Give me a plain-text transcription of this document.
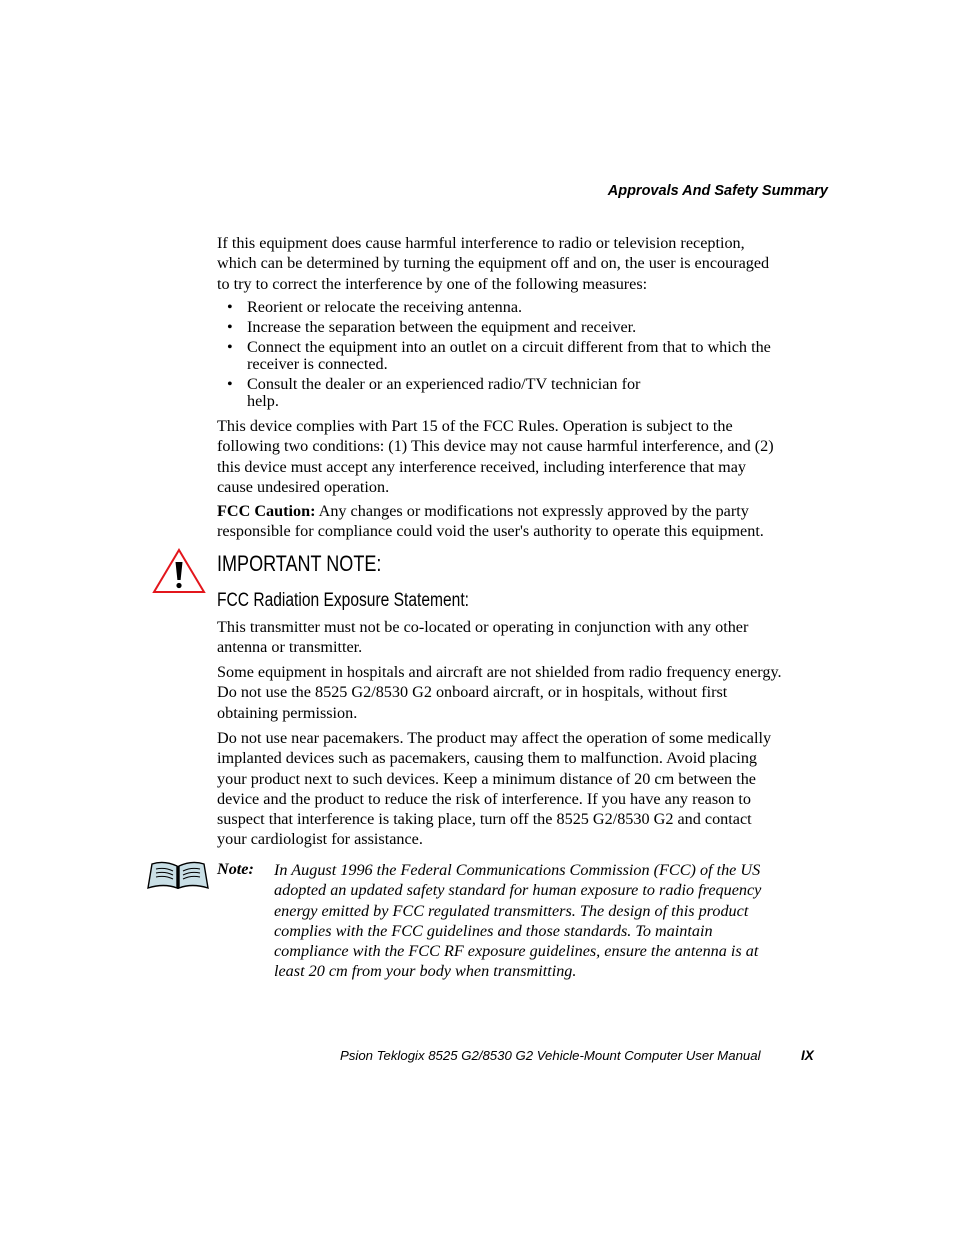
Approvals And Safety Summary

If this equipment does cause harmful interference to radio or television reception, which can be determined by turning the equipment off and on, the user is encouraged to try to correct the interference by one of the following measures:

• Reorient or relocate the receiving antenna.
• Increase the separation between the equipment and receiver.
• Connect the equipment into an outlet on a circuit different from that to which the receiver is connected.
• Consult the dealer or an experienced radio/TV technician for help.

This device complies with Part 15 of the FCC Rules. Operation is subject to the following two conditions: (1) This device may not cause harmful interference, and (2) this device must accept any interference received, including interference that may cause undesired operation.

FCC Caution: Any changes or modifications not expressly approved by the party responsible for compliance could void the user's authority to operate this equipment.

IMPORTANT NOTE:
FCC Radiation Exposure Statement:

This transmitter must not be co-located or operating in conjunction with any other antenna or transmitter.

Some equipment in hospitals and aircraft are not shielded from radio frequency energy. Do not use the 8525 G2/8530 G2 onboard aircraft, or in hospitals, without first obtaining permission.

Do not use near pacemakers. The product may affect the operation of some medically implanted devices such as pacemakers, causing them to malfunction. Avoid placing your product next to such devices. Keep a minimum distance of 20 cm between the device and the product to reduce the risk of interference. If you have any reason to suspect that interference is taking place, turn off the 8525 G2/8530 G2 and contact your cardiologist for assistance.

Note: In August 1996 the Federal Communications Commission (FCC) of the US adopted an updated safety standard for human exposure to radio frequency energy emitted by FCC regulated transmitters. The design of this product complies with the FCC guidelines and those standards. To maintain compliance with the FCC RF exposure guidelines, ensure the antenna is at least 20 cm from your body when transmitting.

Psion Teklogix 8525 G2/8530 G2 Vehicle-Mount Computer User Manual	IX
